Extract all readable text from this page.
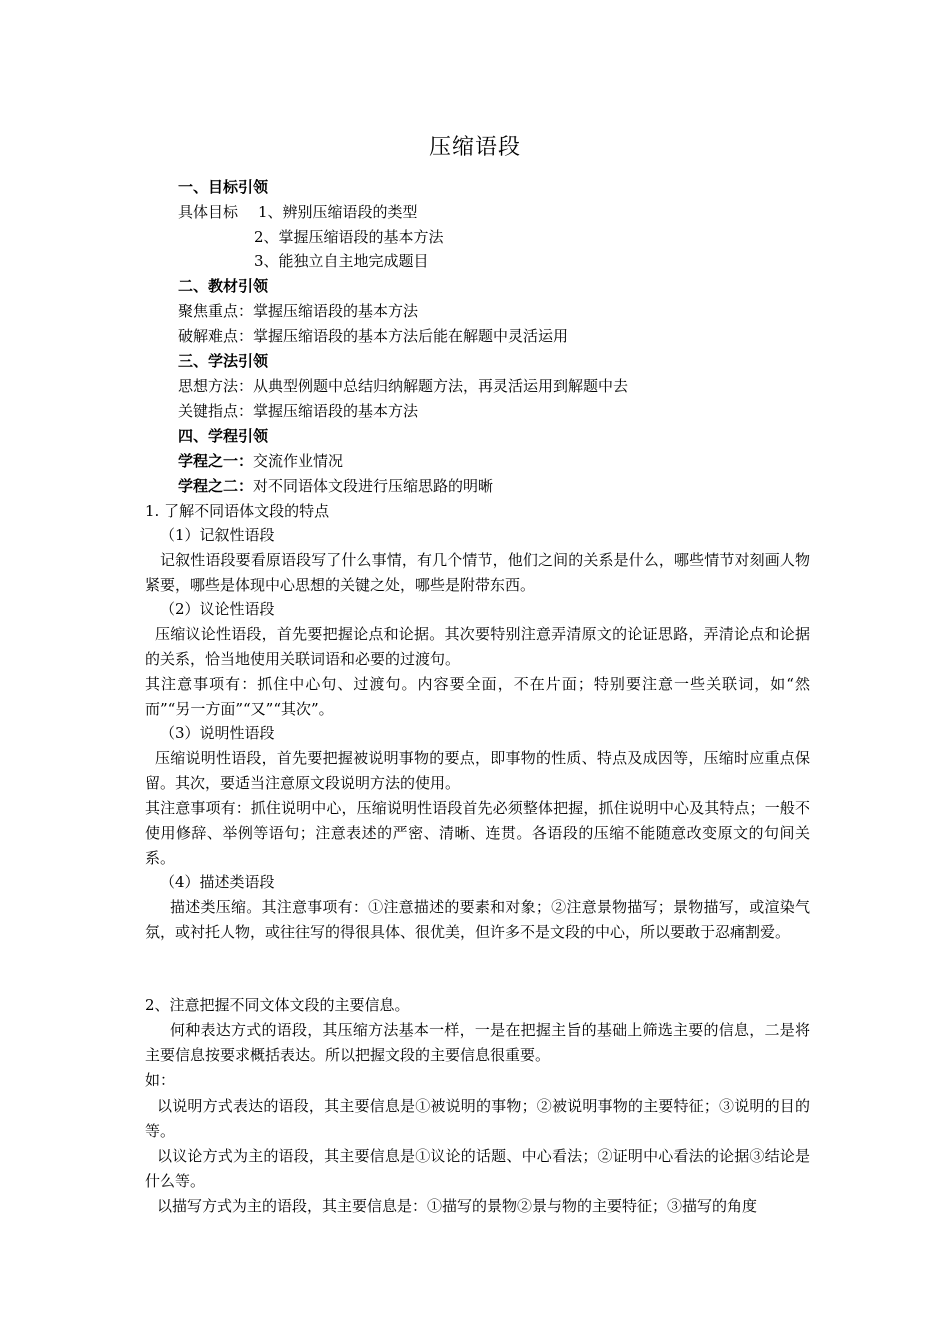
压缩语段
一、目标引领
具体目标 1、辨别压缩语段的类型
2、掌握压缩语段的基本方法
3、能独立自主地完成题目
二、教材引领
聚焦重点：掌握压缩语段的基本方法
破解难点：掌握压缩语段的基本方法后能在解题中灵活运用
三、学法引领
思想方法：从典型例题中总结归纳解题方法，再灵活运用到解题中去
关键指点：掌握压缩语段的基本方法
四、学程引领
学程之一：交流作业情况
学程之二：对不同语体文段进行压缩思路的明晰
1. 了解不同语体文段的特点
（1）记叙性语段
记叙性语段要看原语段写了什么事情，有几个情节，他们之间的关系是什么，哪些情节对刻画人物紧要，哪些是体现中心思想的关键之处，哪些是附带东西。
（2）议论性语段
压缩议论性语段，首先要把握论点和论据。其次要特别注意弄清原文的论证思路，弄清论点和论据的关系，恰当地使用关联词语和必要的过渡句。
其注意事项有：抓住中心句、过渡句。内容要全面，不在片面；特别要注意一些关联词，如“然而”“另一方面”“又”“其次”。
（3）说明性语段
压缩说明性语段，首先要把握被说明事物的要点，即事物的性质、特点及成因等，压缩时应重点保留。其次，要适当注意原文段说明方法的使用。
其注意事项有：抓住说明中心，压缩说明性语段首先必须整体把握，抓住说明中心及其特点；一般不使用修辞、举例等语句；注意表述的严密、清晰、连贯。各语段的压缩不能随意改变原文的句间关系。
（4）描述类语段
描述类压缩。其注意事项有：①注意描述的要素和对象；②注意景物描写；景物描写，或渲染气氛，或衬托人物，或往往写的得很具体、很优美，但许多不是文段的中心，所以要敢于忍痛割爱。
2、注意把握不同文体文段的主要信息。
何种表达方式的语段，其压缩方法基本一样，一是在把握主旨的基础上筛选主要的信息，二是将主要信息按要求概括表达。所以把握文段的主要信息很重要。
如：
以说明方式表达的语段，其主要信息是①被说明的事物；②被说明事物的主要特征；③说明的目的等。
以议论方式为主的语段，其主要信息是①议论的话题、中心看法；②证明中心看法的论据③结论是什么等。
以描写方式为主的语段，其主要信息是：①描写的景物②景与物的主要特征；③描写的角度
